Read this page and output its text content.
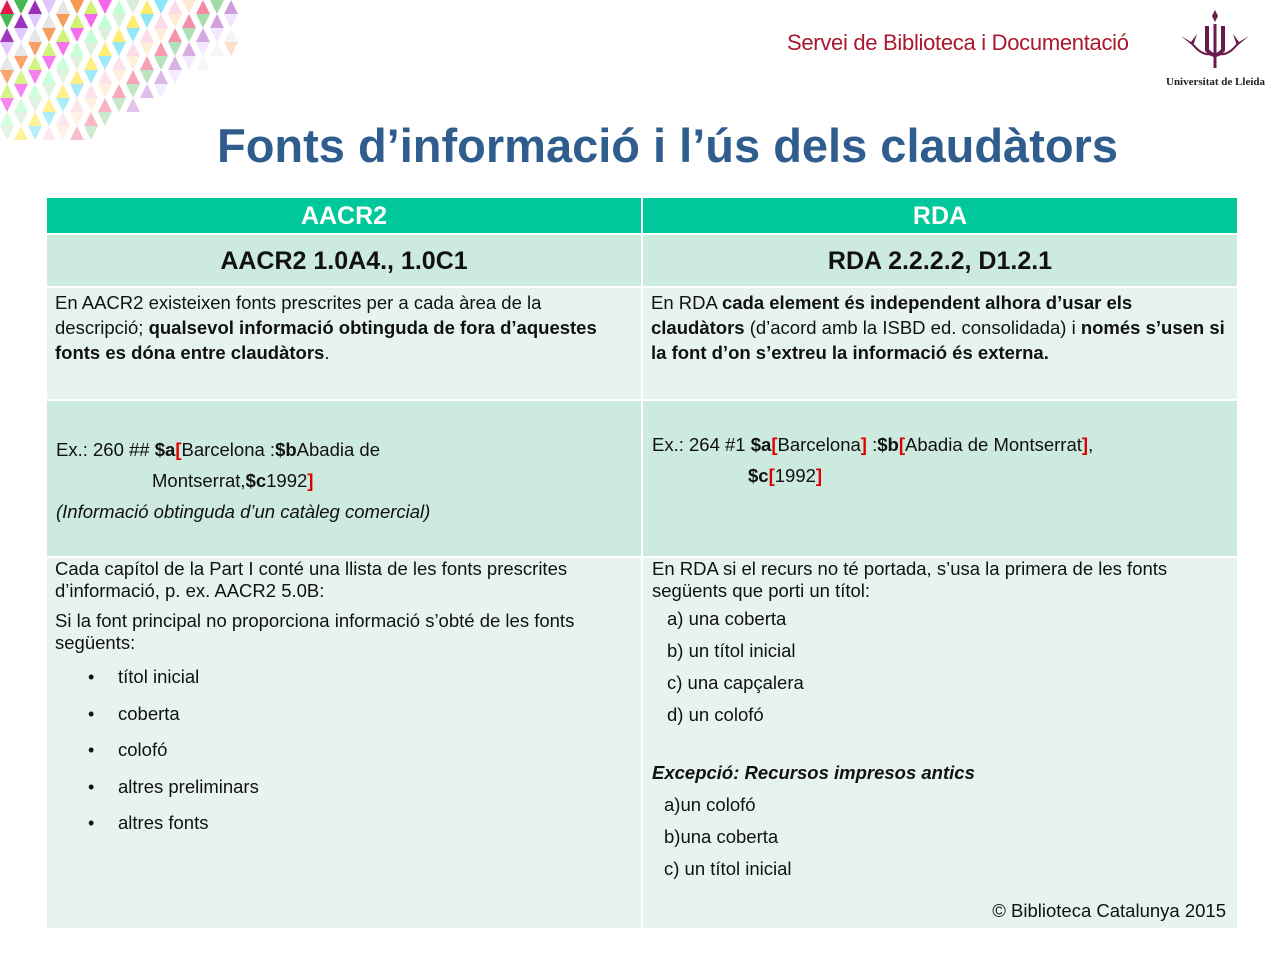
Servei de Biblioteca i Documentació
Universitat de Lleida
Fonts d’informació i l’ús dels claudàtors
AACR2	RDA
AACR2 1.0A4., 1.0C1	RDA 2.2.2.2, D1.2.1
En AACR2 existeixen fonts prescrites per a cada àrea de la descripció; qualsevol informació obtinguda de fora d’aquestes fonts es dóna entre claudàtors.
En RDA cada element és independent alhora d’usar els claudàtors (d’acord amb la ISBD ed. consolidada) i només s’usen si la font d’on s’extreu la informació és externa.
Ex.: 260 ## $a[Barcelona :$bAbadia de
Montserrat,$c1992]
(Informació obtinguda d’un catàleg comercial)
Ex.: 264 #1 $a[Barcelona] :$b[Abadia de Montserrat],
$c[1992]
Cada capítol de la Part I conté una llista de les fonts prescrites d’informació, p. ex. AACR2 5.0B:
Si la font principal no proporciona informació s’obté de les fonts següents:
• títol inicial
• coberta
• colofó
• altres preliminars
• altres fonts
En RDA si el recurs no té portada, s’usa la primera de les fonts següents que porti un títol:
a) una coberta
b) un títol inicial
c) una capçalera
d) un colofó
Excepció: Recursos impresos antics
a)un colofó
b)una coberta
c) un títol inicial
© Biblioteca Catalunya 2015
